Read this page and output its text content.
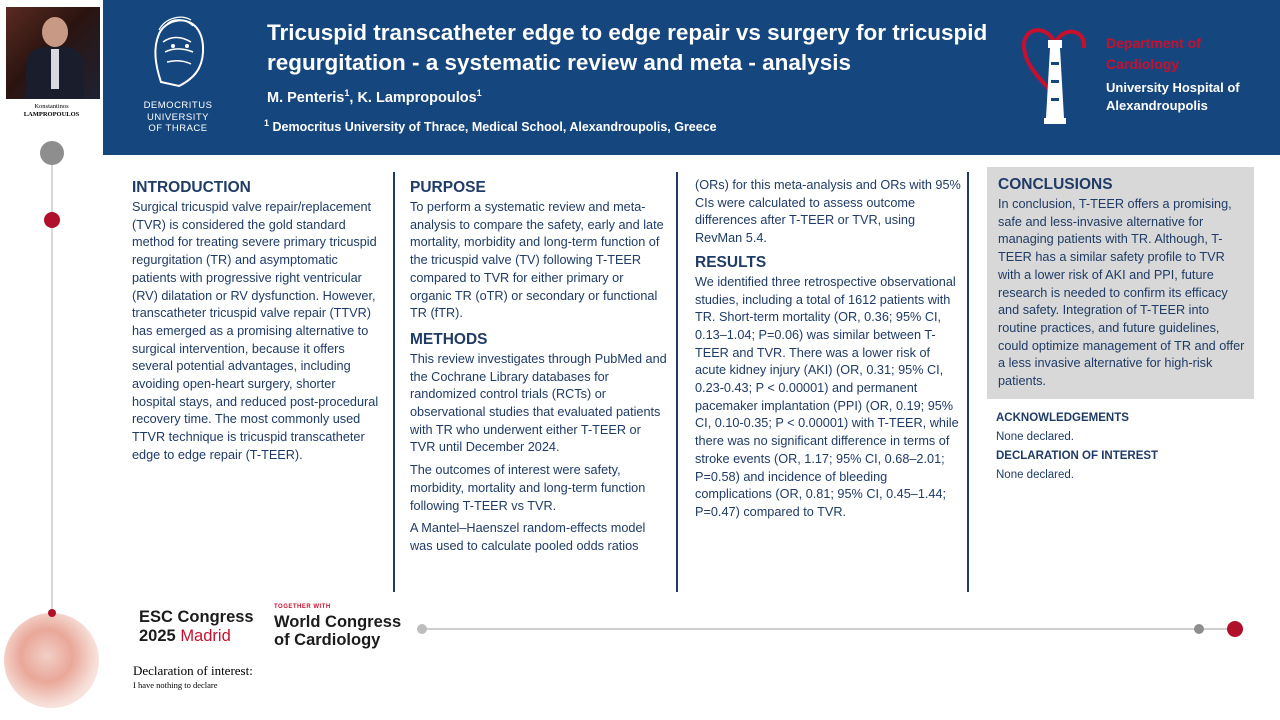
Konstantinos
LAMPROPOULOS
DEMOCRITUS
UNIVERSITY
OF THRACE
Tricuspid transcatheter edge to edge repair vs surgery for tricuspid regurgitation - a systematic review and meta - analysis
M. Penteris$^1$, K. Lampropoulos$^1$
$^1$ Democritus University of Thrace, Medical School, Alexandroupolis, Greece
Department of Cardiology
University Hospital of Alexandroupolis
INTRODUCTION

Surgical tricuspid valve repair/replacement (TVR) is considered the gold standard method for treating severe primary tricuspid regurgitation (TR) and asymptomatic patients with progressive right ventricular (RV) dilatation or RV dysfunction. However, transcatheter tricuspid valve repair (TTVR) has emerged as a promising alternative to surgical intervention, because it offers several potential advantages, including avoiding open-heart surgery, shorter hospital stays, and reduced post-procedural recovery time. The most commonly used TTVR technique is tricuspid transcatheter edge to edge repair (T-TEER).

PURPOSE

To perform a systematic review and meta-analysis to compare the safety, early and late mortality, morbidity and long-term function of the tricuspid valve (TV) following T-TEER compared to TVR for either primary or organic TR (oTR) or secondary or functional TR (fTR).

METHODS

This review investigates through PubMed and the Cochrane Library databases for randomized control trials (RCTs) or observational studies that evaluated patients with TR who underwent either T-TEER or TVR until December 2024.

The outcomes of interest were safety, morbidity, mortality and long-term function following T-TEER vs TVR.

A Mantel–Haenszel random-effects model was used to calculate pooled odds ratios

(ORs) for this meta-analysis and ORs with 95% CIs were calculated to assess outcome differences after T-TEER or TVR, using RevMan 5.4.

RESULTS

We identified three retrospective observational studies, including a total of 1612 patients with TR. Short-term mortality (OR, 0.36; 95% CI, 0.13–1.04; P=0.06) was similar between T-TEER and TVR. There was a lower risk of acute kidney injury (AKI) (OR, 0.31; 95% CI, 0.23-0.43; P < 0.00001) and permanent pacemaker implantation (PPI) (OR, 0.19; 95% CI, 0.10-0.35; P < 0.00001) with T-TEER, while there was no significant difference in terms of stroke events (OR, 1.17; 95% CI, 0.68–2.01; P=0.58) and incidence of bleeding complications (OR, 0.81; 95% CI, 0.45–1.44; P=0.47) compared to TVR.

CONCLUSIONS

In conclusion, T-TEER offers a promising, safe and less-invasive alternative for managing patients with TR. Although, T-TEER has a similar safety profile to TVR with a lower risk of AKI and PPI, future research is needed to confirm its efficacy and safety. Integration of T-TEER into routine practices, and future guidelines, could optimize management of TR and offer a less invasive alternative for high-risk patients.

ACKNOWLEDGEMENTS
None declared.
DECLARATION OF INTEREST
None declared.
ESC Congress
2025 Madrid
TOGETHER WITH
World Congress
of Cardiology
Declaration of interest:
I have nothing to declare
